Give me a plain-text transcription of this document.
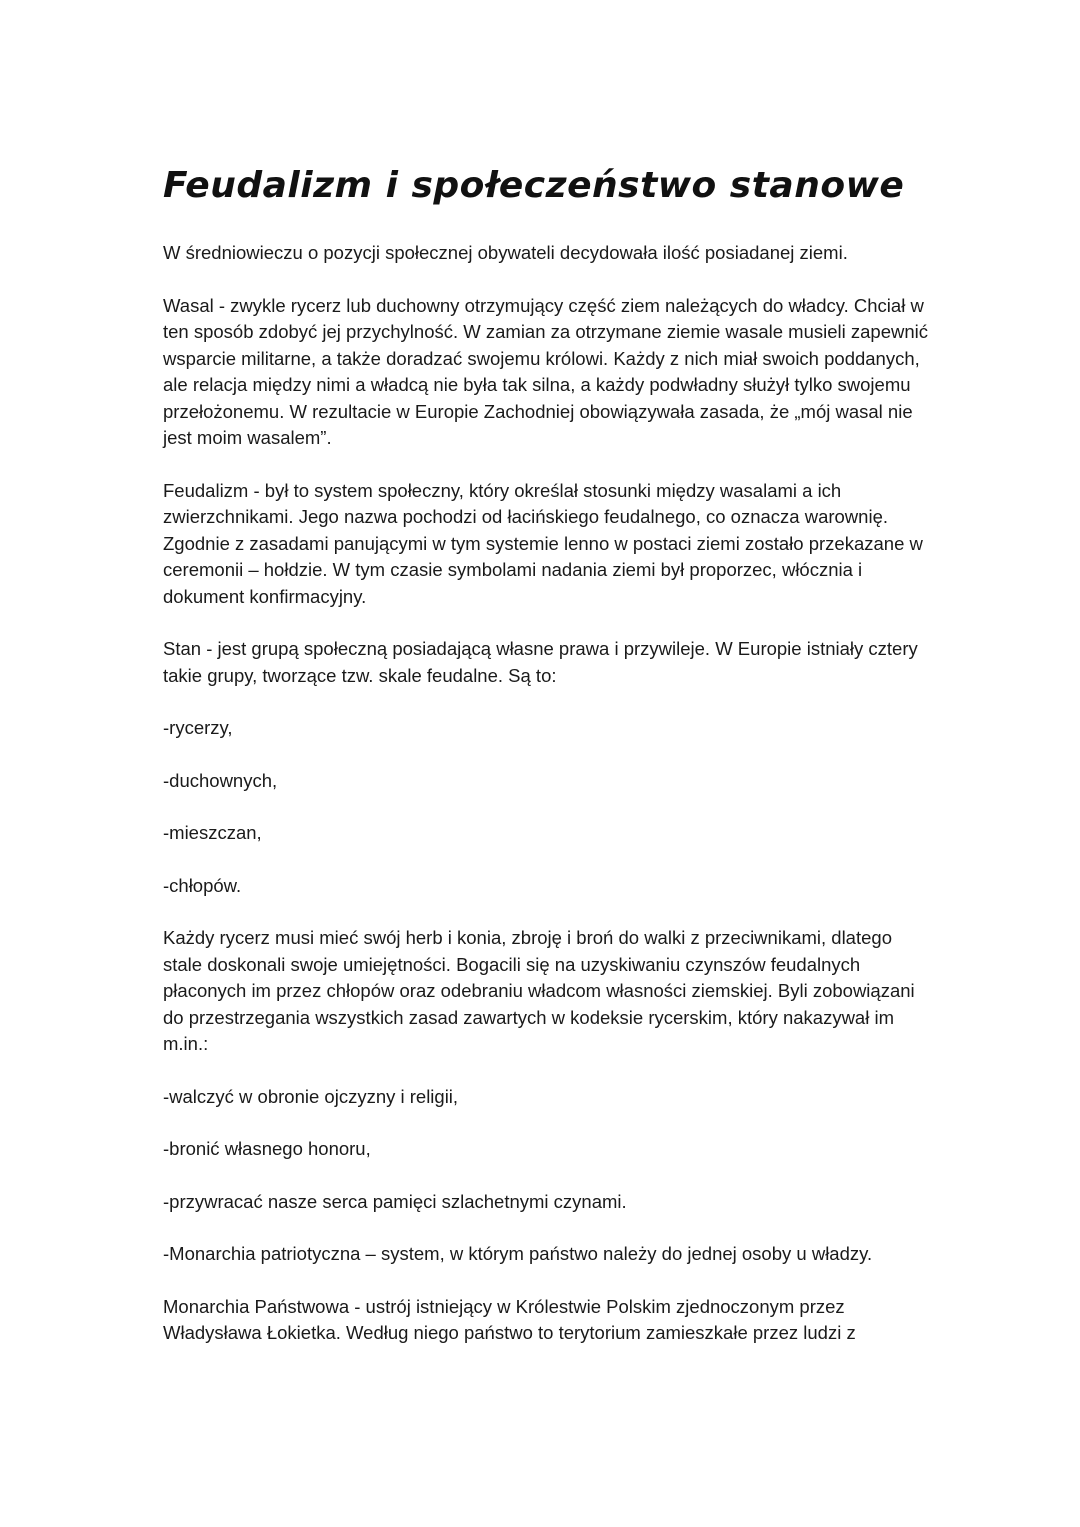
Feudalizm i społeczeństwo stanowe

W średniowieczu o pozycji społecznej obywateli decydowała ilość posiadanej ziemi.

Wasal - zwykle rycerz lub duchowny otrzymujący część ziem należących do władcy. Chciał w ten sposób zdobyć jej przychylność. W zamian za otrzymane ziemie wasale musieli zapewnić wsparcie militarne, a także doradzać swojemu królowi. Każdy z nich miał swoich poddanych, ale relacja między nimi a władcą nie była tak silna, a każdy podwładny służył tylko swojemu przełożonemu. W rezultacie w Europie Zachodniej obowiązywała zasada, że „mój wasal nie jest moim wasalem”.

Feudalizm - był to system społeczny, który określał stosunki między wasalami a ich zwierzchnikami. Jego nazwa pochodzi od łacińskiego feudalnego, co oznacza warownię. Zgodnie z zasadami panującymi w tym systemie lenno w postaci ziemi zostało przekazane w ceremonii – hołdzie. W tym czasie symbolami nadania ziemi był proporzec, włócznia i dokument konfirmacyjny.

Stan - jest grupą społeczną posiadającą własne prawa i przywileje. W Europie istniały cztery takie grupy, tworzące tzw. skale feudalne. Są to:

-rycerzy,

-duchownych,

-mieszczan,

-chłopów.

Każdy rycerz musi mieć swój herb i konia, zbroję i broń do walki z przeciwnikami, dlatego stale doskonali swoje umiejętności. Bogacili się na uzyskiwaniu czynszów feudalnych płaconych im przez chłopów oraz odebraniu władcom własności ziemskiej. Byli zobowiązani do przestrzegania wszystkich zasad zawartych w kodeksie rycerskim, który nakazywał im m.in.:

-walczyć w obronie ojczyzny i religii,

-bronić własnego honoru,

-przywracać nasze serca pamięci szlachetnymi czynami.

-Monarchia patriotyczna – system, w którym państwo należy do jednej osoby u władzy.

Monarchia Państwowa - ustrój istniejący w Królestwie Polskim zjednoczonym przez Władysława Łokietka. Według niego państwo to terytorium zamieszkałe przez ludzi z
